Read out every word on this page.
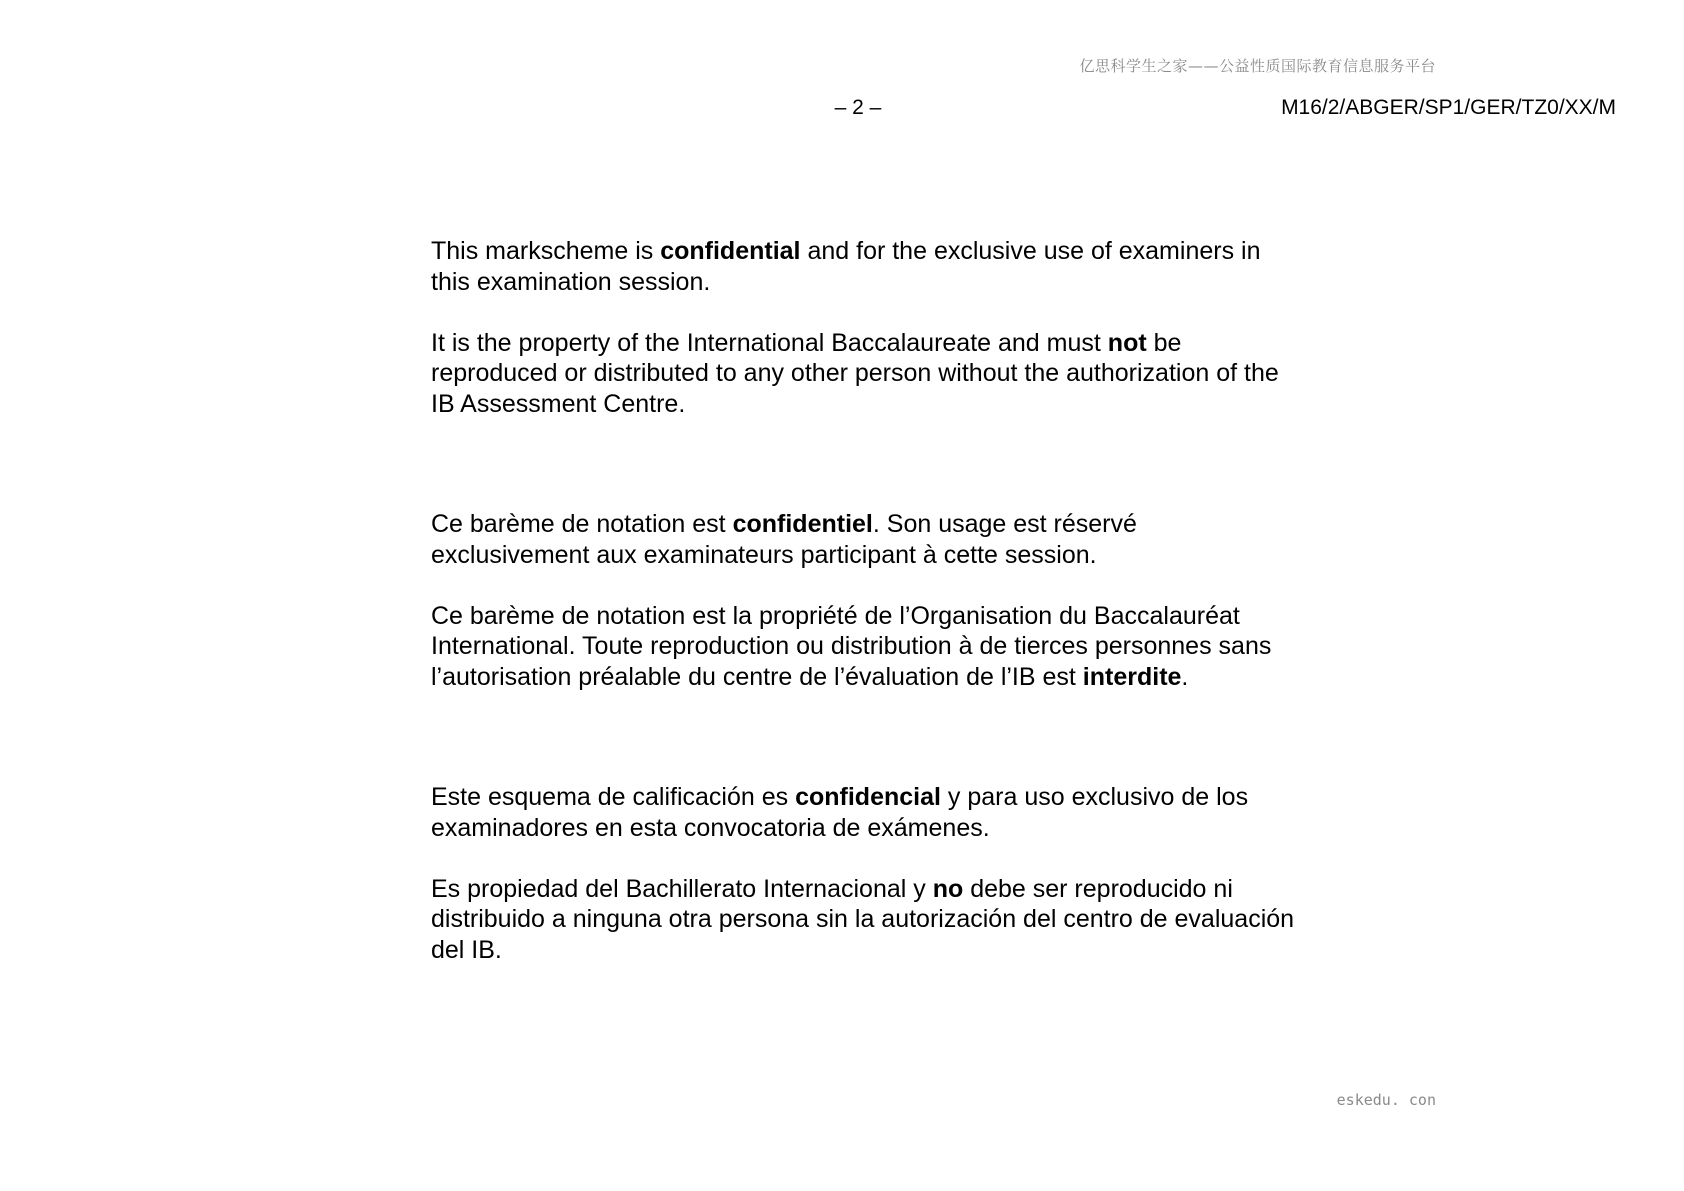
亿思科学生之家——公益性质国际教育信息服务平台
– 2 –	M16/2/ABGER/SP1/GER/TZ0/XX/M

This markscheme is confidential and for the exclusive use of examiners in this examination session.

It is the property of the International Baccalaureate and must not be reproduced or distributed to any other person without the authorization of the IB Assessment Centre.

Ce barème de notation est confidentiel. Son usage est réservé exclusivement aux examinateurs participant à cette session.

Ce barème de notation est la propriété de l’Organisation du Baccalauréat International. Toute reproduction ou distribution à de tierces personnes sans l’autorisation préalable du centre de l’évaluation de l’IB est interdite.

Este esquema de calificación es confidencial y para uso exclusivo de los examinadores en esta convocatoria de exámenes.

Es propiedad del Bachillerato Internacional y no debe ser reproducido ni distribuido a ninguna otra persona sin la autorización del centro de evaluación del IB.

eskedu. con
